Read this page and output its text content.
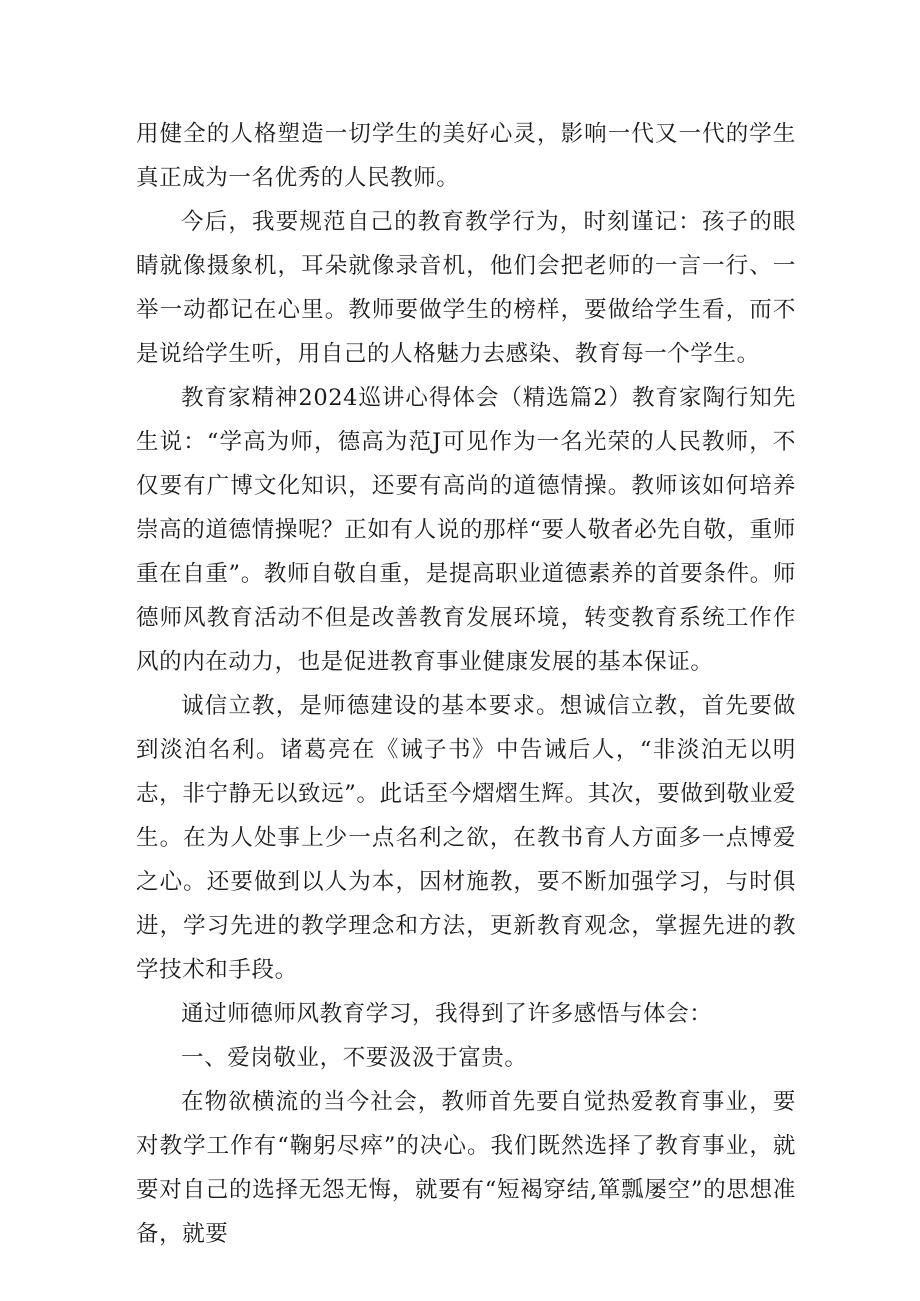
用健全的人格塑造一切学生的美好心灵，影响一代又一代的学生真正成为一名优秀的人民教师。

今后，我要规范自己的教育教学行为，时刻谨记：孩子的眼睛就像摄象机，耳朵就像录音机，他们会把老师的一言一行、一举一动都记在心里。教师要做学生的榜样，要做给学生看，而不是说给学生听，用自己的人格魅力去感染、教育每一个学生。

教育家精神2024巡讲心得体会（精选篇2）教育家陶行知先生说：“学高为师，德高为范J可见作为一名光荣的人民教师，不仅要有广博文化知识，还要有高尚的道德情操。教师该如何培养崇高的道德情操呢？正如有人说的那样“要人敬者必先自敬，重师重在自重”。教师自敬自重，是提高职业道德素养的首要条件。师德师风教育活动不但是改善教育发展环境，转变教育系统工作作风的内在动力，也是促进教育事业健康发展的基本保证。

诚信立教，是师德建设的基本要求。想诚信立教，首先要做到淡泊名利。诸葛亮在《诫子书》中告诫后人，“非淡泊无以明志，非宁静无以致远”。此话至今熠熠生辉。其次，要做到敬业爱生。在为人处事上少一点名利之欲，在教书育人方面多一点博爱之心。还要做到以人为本，因材施教，要不断加强学习，与时俱进，学习先进的教学理念和方法，更新教育观念，掌握先进的教学技术和手段。

通过师德师风教育学习，我得到了许多感悟与体会：

一、爱岗敬业，不要汲汲于富贵。

在物欲横流的当今社会，教师首先要自觉热爱教育事业，要对教学工作有“鞠躬尽瘁”的决心。我们既然选择了教育事业，就要对自己的选择无怨无悔，就要有“短褐穿结,箪瓢屡空”的思想准备，就要
